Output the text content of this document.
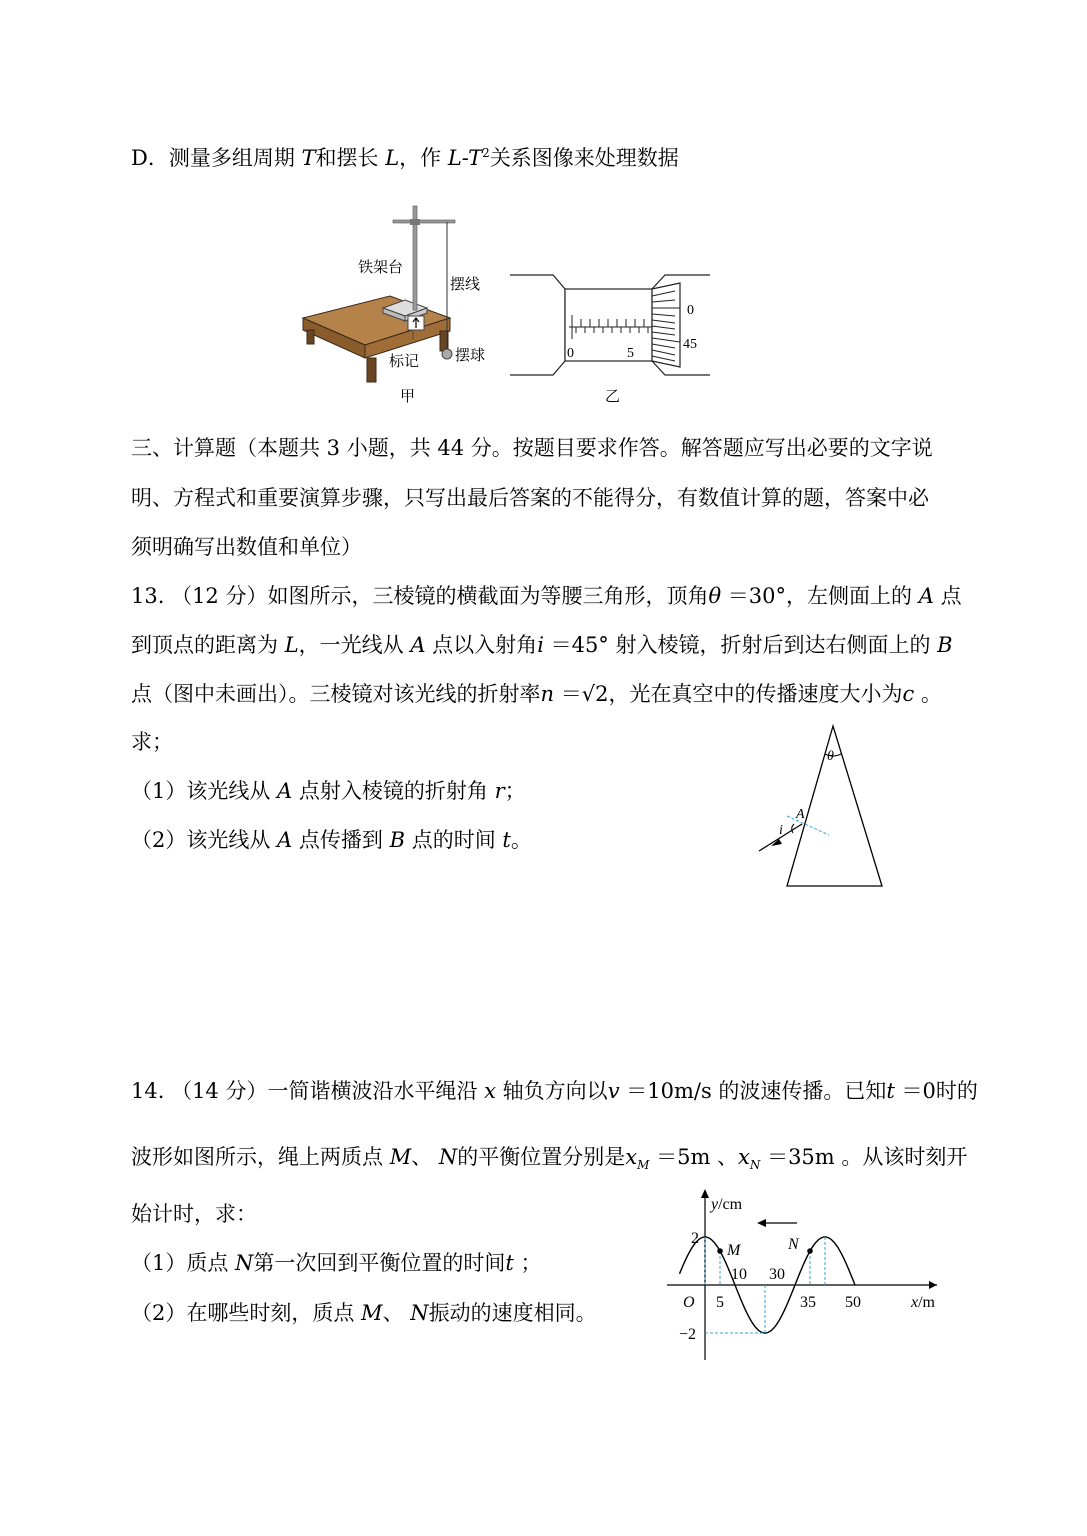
D．测量多组周期 T和摆长 L，作 $L-T^2$关系图像来处理数据
铁架台
摆线
标记 摆球
甲
0	5
0
45
乙
三、计算题（本题共 3 小题，共 44 分。按题目要求作答。解答题应写出必要的文字说
明、方程式和重要演算步骤，只写出最后答案的不能得分，有数值计算的题，答案中必
须明确写出数值和单位）
13. （12 分）如图所示，三棱镜的横截面为等腰三角形，顶角θ ＝30°，左侧面上的 A 点
到顶点的距离为 L，一光线从 A 点以入射角i ＝45° 射入棱镜，折射后到达右侧面上的 B
点（图中未画出）。三棱镜对该光线的折射率n ＝√2，光在真空中的传播速度大小为c 。
求；
（1）该光线从 A 点射入棱镜的折射角 r；
（2）该光线从 A 点传播到 B 点的时间 t。
θ
A
i
14. （14 分）一简谐横波沿水平绳沿 x 轴负方向以v ＝10m/s 的波速传播。已知t ＝0时的
波形如图所示，绳上两质点 M、 N的平衡位置分别是$x_M =5m$ 、$x_N =35m$ 。从该时刻开
始计时，求：
（1）质点 N第一次回到平衡位置的时间t ；
（2）在哪些时刻，质点 M、 N振动的速度相同。
M	N
5
10 30
35 50
2
−2
O	x/m
y/cm
